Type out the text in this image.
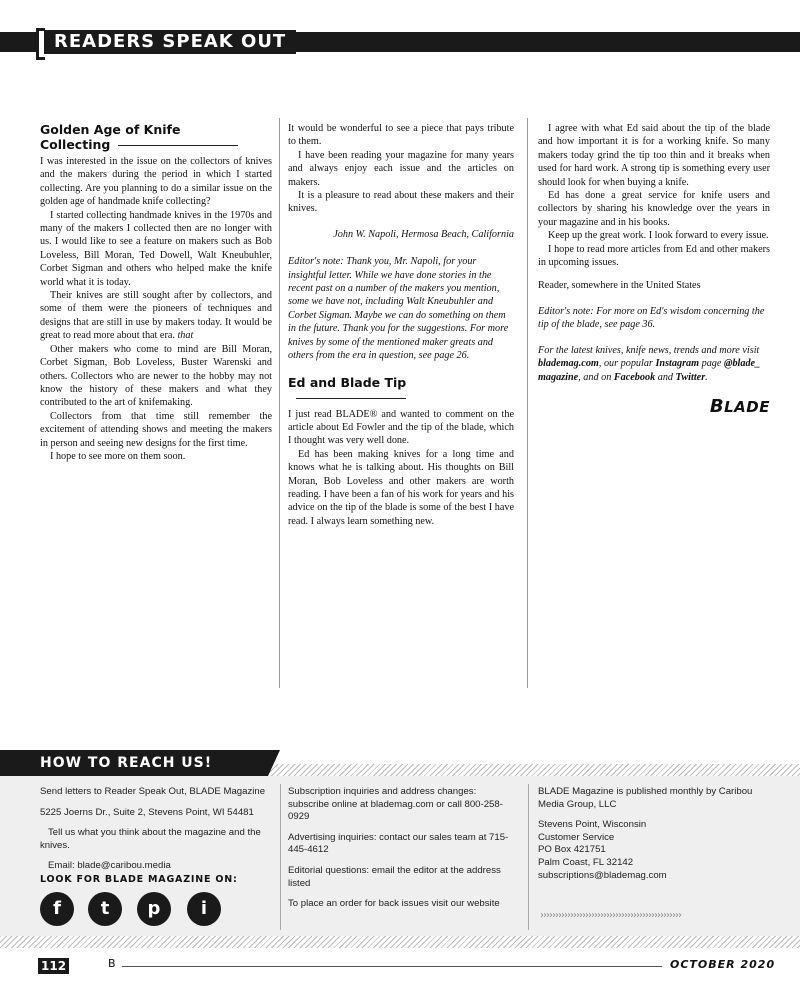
READERS SPEAK OUT
Golden Age of Knife
Collecting

I was interested in the issue on the collectors of knives and the makers during the period in which I started collecting. Are you planning to do a similar issue on the golden age of handmade knife collecting?

I started collecting handmade knives in the 1970s and many of the makers I collected then are no longer with us. I would like to see a feature on makers such as Bob Loveless, Bill Moran, Ted Dowell, Walt Kneubuhler, Corbet Sigman and others who helped make the knife world what it is today.

Their knives are still sought after by collectors, and some of them were the pioneers of techniques and designs that are still in use by makers today. It would be great to read more about that era. that

Other makers who come to mind are Bill Moran, Corbet Sigman, Bob Loveless, Buster Warenski and others. Collectors who are newer to the hobby may not know the history of these makers and what they contributed to the art of knifemaking.

Collectors from that time still remember the excitement of attending shows and meeting the makers in person and seeing new designs for the first time.

I hope to see more on them soon.

It would be wonderful to see a piece that pays tribute to them.

I have been reading your magazine for many years and always enjoy each issue and the articles on makers.

It is a pleasure to read about these makers and their knives.

John W. Napoli, Hermosa Beach, California
Editor's note: Thank you, Mr. Napoli, for your insightful letter. While we have done stories in the recent past on a number of the makers you mention, some we have not, including Walt Kneubuhler and Corbet Sigman. Maybe we can do something on them in the future. Thank you for the suggestions. For more knives by some of the mentioned maker greats and others from the era in question, see page 26.
Ed and Blade Tip

I just read BLADE® and wanted to comment on the article about Ed Fowler and the tip of the blade, which I thought was very well done.

Ed has been making knives for a long time and knows what he is talking about. His thoughts on Bill Moran, Bob Loveless and other makers are worth reading. I have been a fan of his work for years and his advice on the tip of the blade is some of the best I have read. I always learn something new.

I agree with what Ed said about the tip of the blade and how important it is for a working knife. So many makers today grind the tip too thin and it breaks when used for hard work. A strong tip is something every user should look for when buying a knife.

Ed has done a great service for knife users and collectors by sharing his knowledge over the years in your magazine and in his books.

Keep up the great work. I look forward to every issue.

I hope to read more articles from Ed and other makers in upcoming issues.

Reader, somewhere in the United States

Editor's note: For more on Ed's wisdom concerning the tip of the blade, see page 36.
For the latest knives, knife news, trends and more visit blademag.com, our popular Instagram page @blade_ magazine, and on Facebook and Twitter.
BLADE
HOW TO REACH US!

Send letters to Reader Speak Out, BLADE Magazine

5225 Joerns Dr., Suite 2, Stevens Point, WI 54481

Tell us what you think about the magazine and the knives.

Email: blade@caribou.media

LOOK FOR BLADE MAGAZINE ON:
f	t	p	i

Subscription inquiries and address changes: subscribe online at blademag.com or call 800-258-0929

Advertising inquiries: contact our sales team at 715-445-4612

Editorial questions: email the editor at the address listed

To place an order for back issues visit our website

BLADE Magazine is published monthly by Caribou Media Group, LLC

Stevens Point, Wisconsin

Customer Service

PO Box 421751

Palm Coast, FL 32142

subscriptions@blademag.com

›››››››››››››››››››››››››››››››››››››››››››››››
112	B	OCTOBER 2020
